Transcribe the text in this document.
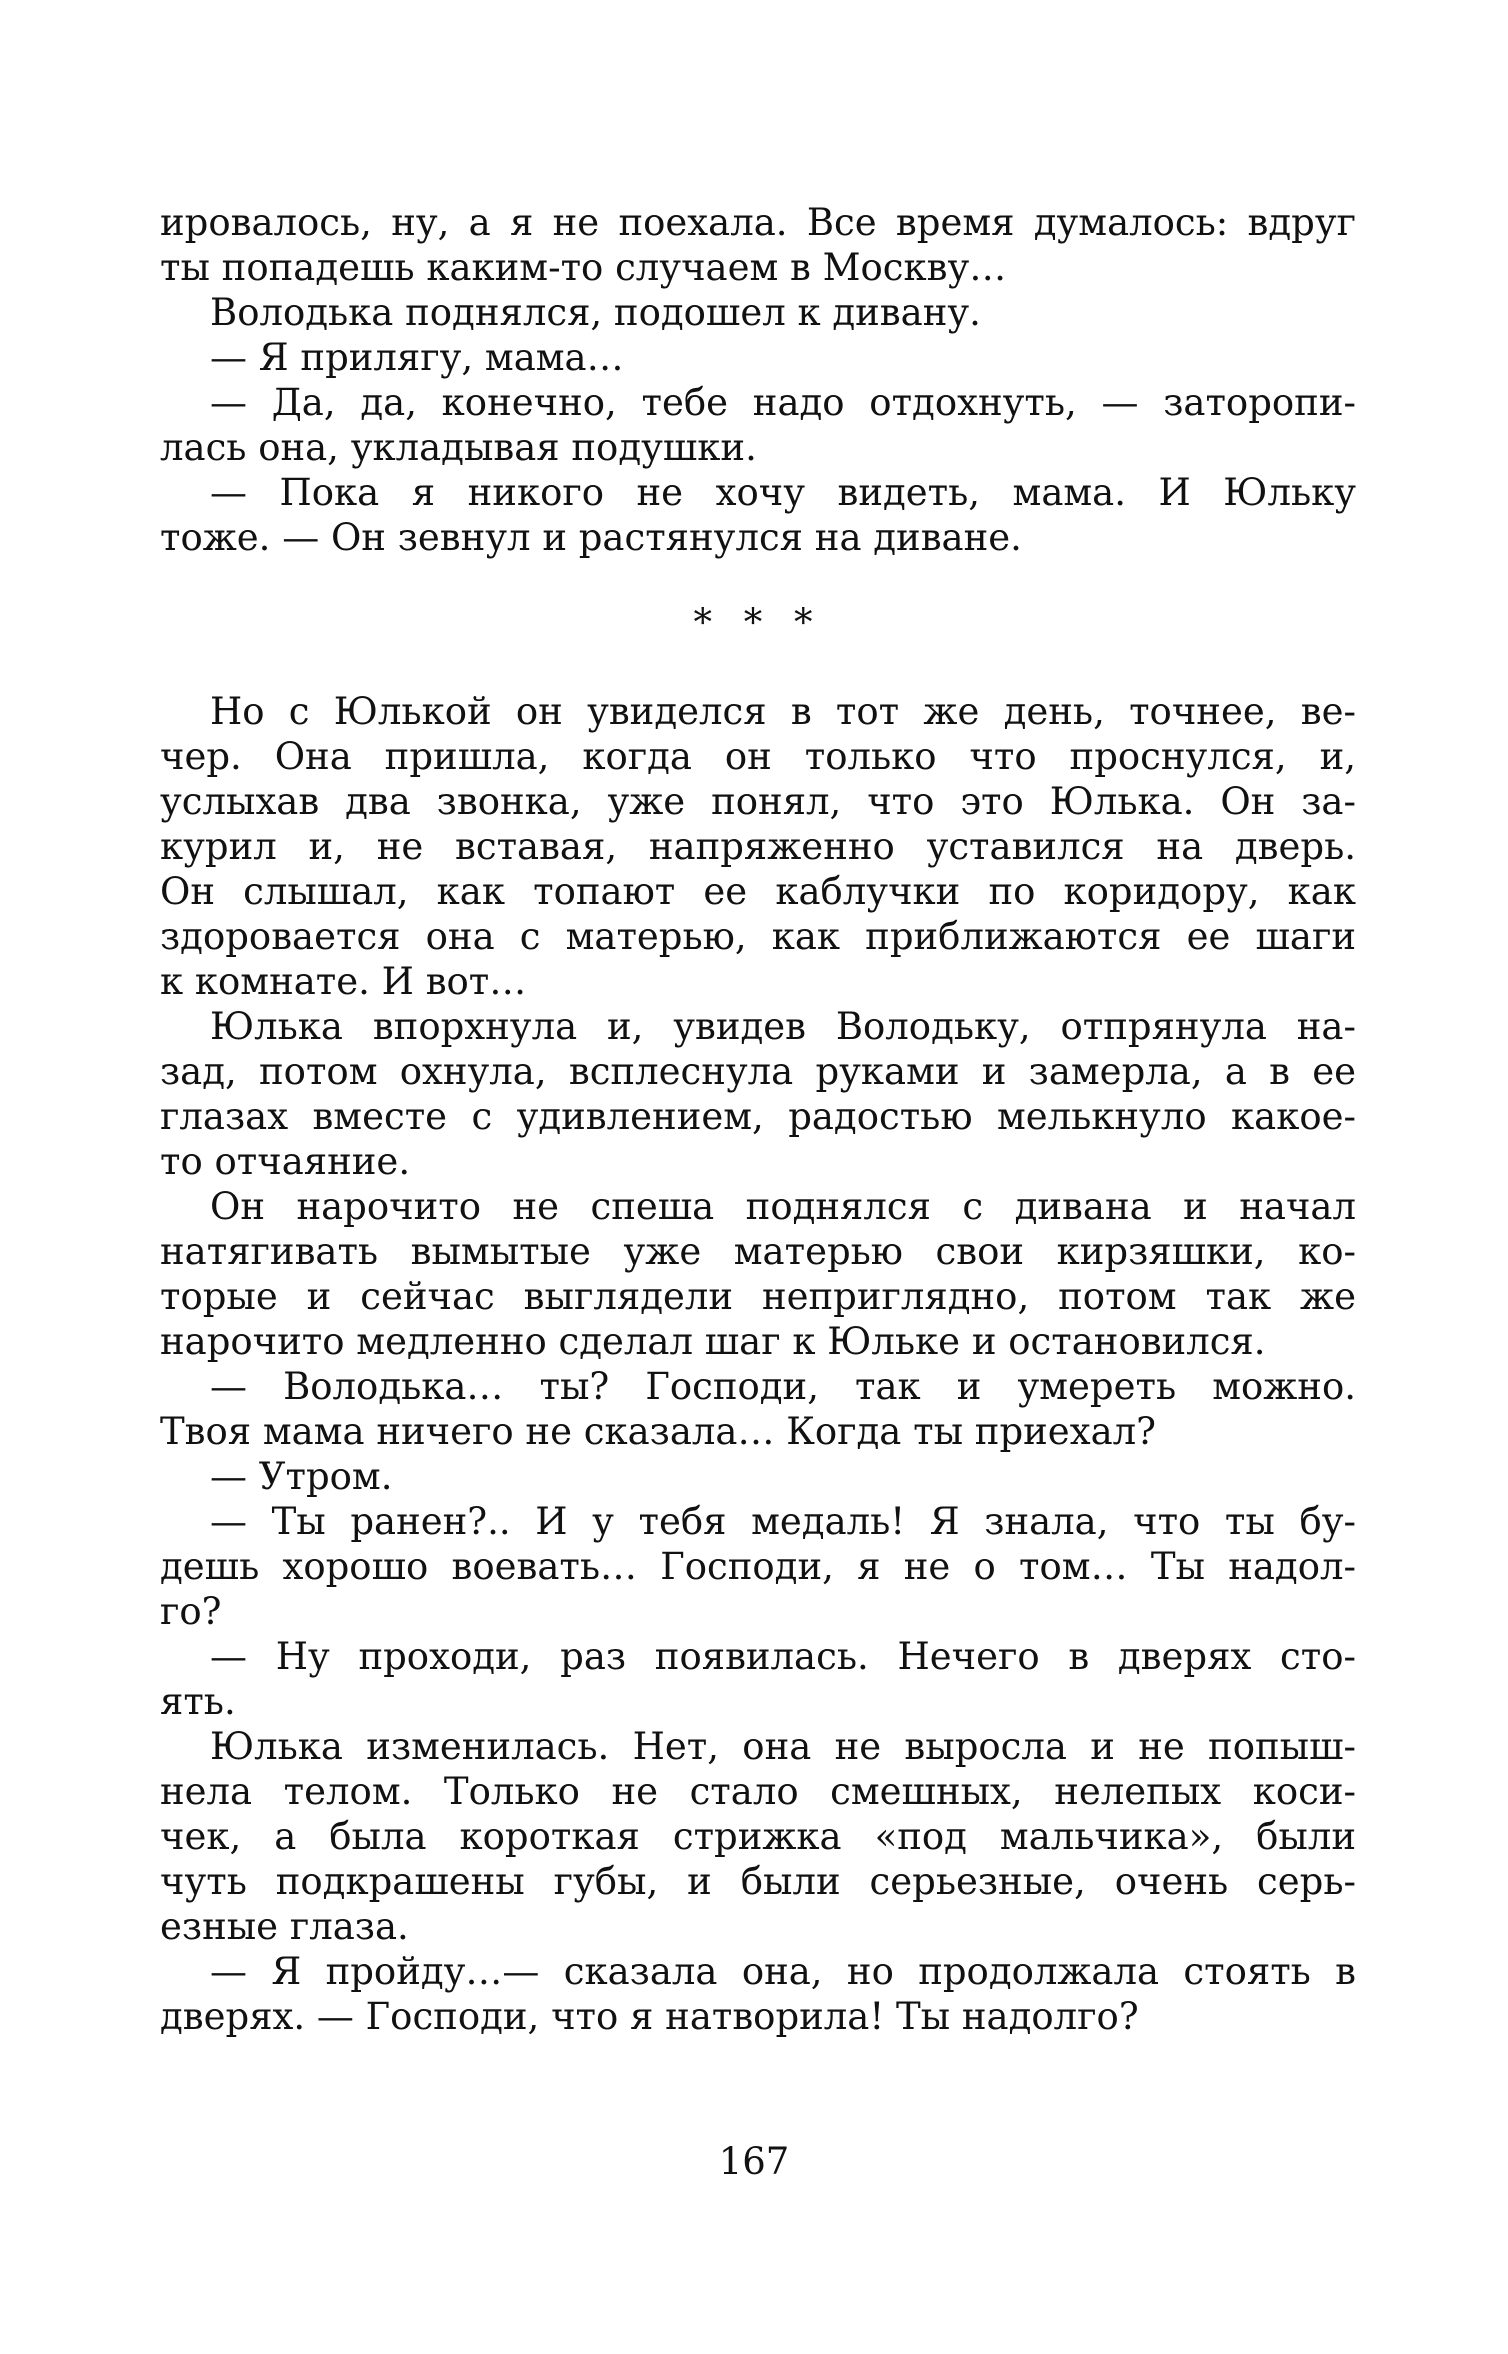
ировалось, ну, а я не поехала. Все время думалось: вдруг
ты попадешь каким-то случаем в Москву…
Володька поднялся, подошел к дивану.
— Я прилягу, мама…
— Да, да, конечно, тебе надо отдохнуть, — заторопи-
лась она, укладывая подушки.
— Пока я никого не хочу видеть, мама. И Юльку
тоже. — Он зевнул и растянулся на диване.
* * *
Но с Юлькой он увиделся в тот же день, точнее, ве-
чер. Она пришла, когда он только что проснулся, и,
услыхав два звонка, уже понял, что это Юлька. Он за-
курил и, не вставая, напряженно уставился на дверь.
Он слышал, как топают ее каблучки по коридору, как
здоровается она с матерью, как приближаются ее шаги
к комнате. И вот…
Юлька впорхнула и, увидев Володьку, отпрянула на-
зад, потом охнула, всплеснула руками и замерла, а в ее
глазах вместе с удивлением, радостью мелькнуло какое-
то отчаяние.
Он нарочито не спеша поднялся с дивана и начал
натягивать вымытые уже матерью свои кирзяшки, ко-
торые и сейчас выглядели неприглядно, потом так же
нарочито медленно сделал шаг к Юльке и остановился.
— Володька… ты? Господи, так и умереть можно.
Твоя мама ничего не сказала… Когда ты приехал?
— Утром.
— Ты ранен?.. И у тебя медаль! Я знала, что ты бу-
дешь хорошо воевать… Господи, я не о том… Ты надол-
го?
— Ну проходи, раз появилась. Нечего в дверях сто-
ять.
Юлька изменилась. Нет, она не выросла и не попыш-
нела телом. Только не стало смешных, нелепых коси-
чек, а была короткая стрижка «под мальчика», были
чуть подкрашены губы, и были серьезные, очень серь-
езные глаза.
— Я пройду…— сказала она, но продолжала стоять в
дверях. — Господи, что я натворила! Ты надолго?
167
